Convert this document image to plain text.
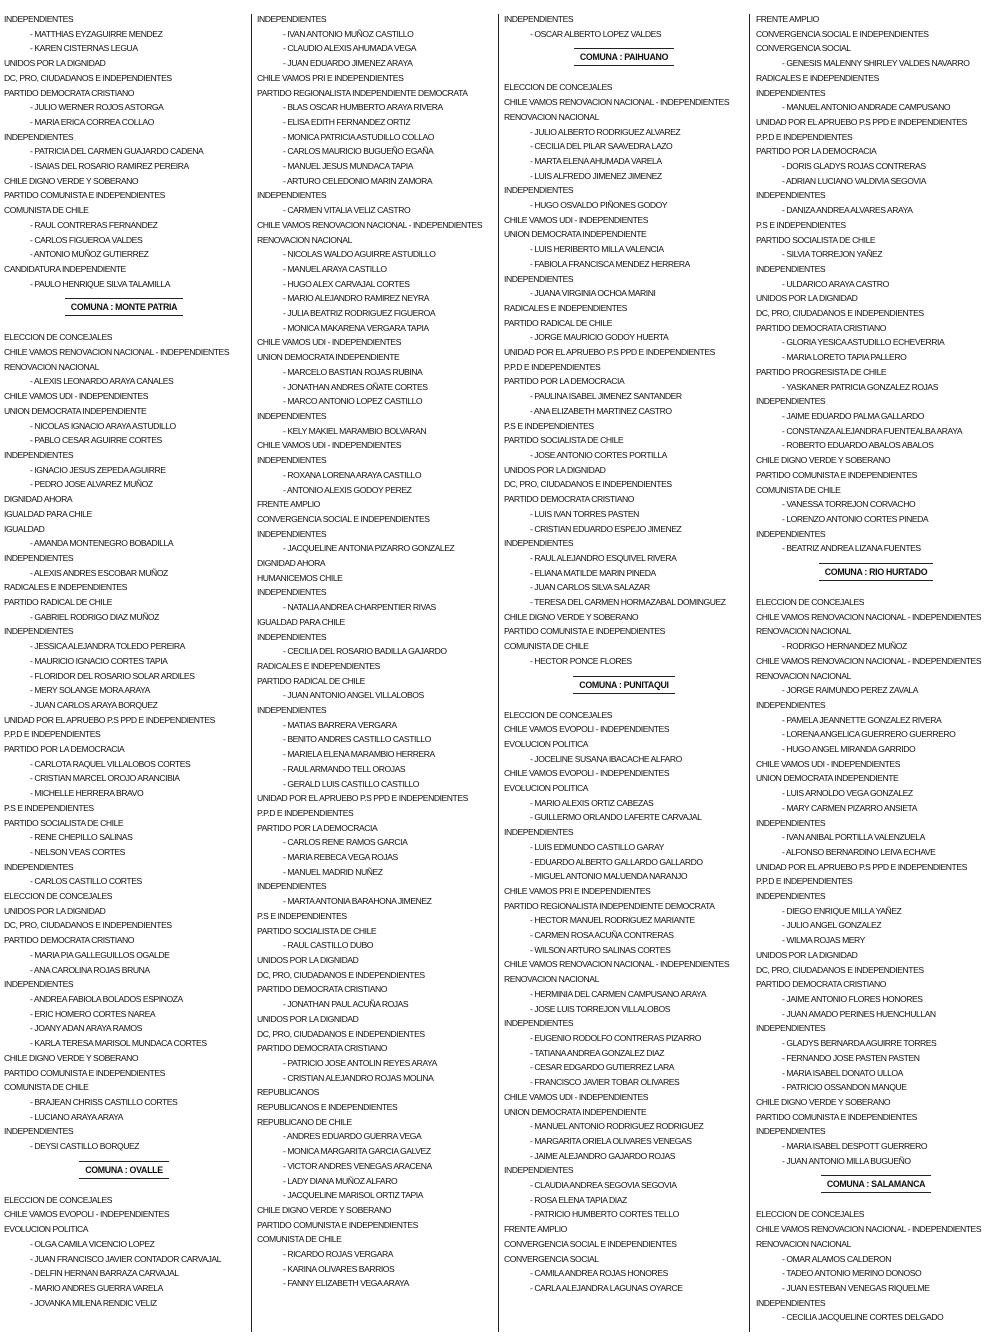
INDEPENDIENTES
- MATTHIAS EYZAGUIRRE MENDEZ
- KAREN CISTERNAS LEGUA
UNIDOS POR LA DIGNIDAD
DC, PRO, CIUDADANOS E INDEPENDIENTES
PARTIDO DEMOCRATA CRISTIANO
- JULIO WERNER ROJOS ASTORGA
- MARIA ERICA CORREA COLLAO
INDEPENDIENTES
- PATRICIA DEL CARMEN GUAJARDO CADENA
- ISAIAS DEL ROSARIO RAMIREZ PEREIRA
CHILE DIGNO VERDE Y SOBERANO
PARTIDO COMUNISTA E INDEPENDIENTES
COMUNISTA DE CHILE
- RAUL CONTRERAS FERNANDEZ
- CARLOS FIGUEROA VALDES
- ANTONIO MUÑOZ GUTIERREZ
CANDIDATURA INDEPENDIENTE
- PAULO HENRIQUE SILVA TALAMILLA
COMUNA : MONTE PATRIA
ELECCION DE CONCEJALES
CHILE VAMOS RENOVACION NACIONAL - INDEPENDIENTES
RENOVACION NACIONAL
- ALEXIS LEONARDO ARAYA CANALES
CHILE VAMOS UDI - INDEPENDIENTES
UNION DEMOCRATA INDEPENDIENTE
- NICOLAS IGNACIO ARAYA ASTUDILLO
- PABLO CESAR AGUIRRE CORTES
INDEPENDIENTES
- IGNACIO JESUS ZEPEDA AGUIRRE
- PEDRO JOSE ALVAREZ MUÑOZ
DIGNIDAD AHORA
IGUALDAD PARA CHILE
IGUALDAD
- AMANDA MONTENEGRO BOBADILLA
INDEPENDIENTES
- ALEXIS ANDRES ESCOBAR MUÑOZ
RADICALES E INDEPENDIENTES
PARTIDO RADICAL DE CHILE
- GABRIEL RODRIGO DIAZ MUÑOZ
INDEPENDIENTES
- JESSICA ALEJANDRA TOLEDO PEREIRA
- MAURICIO IGNACIO CORTES TAPIA
- FLORIDOR DEL ROSARIO SOLAR ARDILES
- MERY SOLANGE MORA ARAYA
- JUAN CARLOS ARAYA BORQUEZ
UNIDAD POR EL APRUEBO P.S PPD E INDEPENDIENTES
P.P.D E INDEPENDIENTES
PARTIDO POR LA DEMOCRACIA
- CARLOTA RAQUEL VILLALOBOS CORTES
- CRISTIAN MARCEL OROJO ARANCIBIA
- MICHELLE HERRERA BRAVO
P.S E INDEPENDIENTES
PARTIDO SOCIALISTA DE CHILE
- RENE CHEPILLO SALINAS
- NELSON VEAS CORTES
INDEPENDIENTES
- CARLOS CASTILLO CORTES
ELECCION DE CONCEJALES
UNIDOS POR LA DIGNIDAD
DC, PRO, CIUDADANOS E INDEPENDIENTES
PARTIDO DEMOCRATA CRISTIANO
- MARIA PIA GALLEGUILLOS OGALDE
- ANA CAROLINA ROJAS BRUNA
INDEPENDIENTES
- ANDREA FABIOLA BOLADOS ESPINOZA
- ERIC HOMERO CORTES NAREA
- JOANY ADAN ARAYA RAMOS
- KARLA TERESA MARISOL MUNDACA CORTES
CHILE DIGNO VERDE Y SOBERANO
PARTIDO COMUNISTA E INDEPENDIENTES
COMUNISTA DE CHILE
- BRAJEAN CHRISS CASTILLO CORTES
- LUCIANO ARAYA ARAYA
INDEPENDIENTES
- DEYSI CASTILLO BORQUEZ
COMUNA : OVALLE
ELECCION DE CONCEJALES
CHILE VAMOS EVOPOLI - INDEPENDIENTES
EVOLUCION POLITICA
- OLGA CAMILA VICENCIO LOPEZ
- JUAN FRANCISCO JAVIER CONTADOR CARVAJAL
- DELFIN HERNAN BARRAZA CARVAJAL
- MARIO ANDRES GUERRA VARELA
- JOVANKA MILENA RENDIC VELIZ
INDEPENDIENTES
- IVAN ANTONIO MUÑOZ CASTILLO
- CLAUDIO ALEXIS AHUMADA VEGA
- JUAN EDUARDO JIMENEZ ARAYA
CHILE VAMOS PRI E INDEPENDIENTES
PARTIDO REGIONALISTA INDEPENDIENTE DEMOCRATA
- BLAS OSCAR HUMBERTO ARAYA RIVERA
- ELISA EDITH FERNANDEZ ORTIZ
- MONICA PATRICIA ASTUDILLO COLLAO
- CARLOS MAURICIO BUGUEÑO EGAÑA
- MANUEL JESUS MUNDACA TAPIA
- ARTURO CELEDONIO MARIN ZAMORA
INDEPENDIENTES
- CARMEN VITALIA VELIZ CASTRO
CHILE VAMOS RENOVACION NACIONAL - INDEPENDIENTES
RENOVACION NACIONAL
- NICOLAS WALDO AGUIRRE ASTUDILLO
- MANUEL ARAYA CASTILLO
- HUGO ALEX CARVAJAL CORTES
- MARIO ALEJANDRO RAMIREZ NEYRA
- JULIA BEATRIZ RODRIGUEZ FIGUEROA
- MONICA MAKARENA VERGARA TAPIA
CHILE VAMOS UDI - INDEPENDIENTES
UNION DEMOCRATA INDEPENDIENTE
- MARCELO BASTIAN ROJAS RUBINA
- JONATHAN ANDRES OÑATE CORTES
- MARCO ANTONIO LOPEZ CASTILLO
INDEPENDIENTES
- KELY MAKIEL MARAMBIO BOLVARAN
CHILE VAMOS UDI - INDEPENDIENTES
INDEPENDIENTES
- ROXANA LORENA ARAYA CASTILLO
- ANTONIO ALEXIS GODOY PEREZ
FRENTE AMPLIO
CONVERGENCIA SOCIAL E INDEPENDIENTES
INDEPENDIENTES
- JACQUELINE ANTONIA PIZARRO GONZALEZ
DIGNIDAD AHORA
HUMANICEMOS CHILE
INDEPENDIENTES
- NATALIA ANDREA CHARPENTIER RIVAS
IGUALDAD PARA CHILE
INDEPENDIENTES
- CECILIA DEL ROSARIO BADILLA GAJARDO
RADICALES E INDEPENDIENTES
PARTIDO RADICAL DE CHILE
- JUAN ANTONIO ANGEL VILLALOBOS
INDEPENDIENTES
- MATIAS BARRERA VERGARA
- BENITO ANDRES CASTILLO CASTILLO
- MARIELA ELENA MARAMBIO HERRERA
- RAUL ARMANDO TELL OROJAS
- GERALD LUIS CASTILLO CASTILLO
UNIDAD POR EL APRUEBO P.S PPD E INDEPENDIENTES
P.P.D E INDEPENDIENTES
PARTIDO POR LA DEMOCRACIA
- CARLOS RENE RAMOS GARCIA
- MARIA REBECA VEGA ROJAS
- MANUEL MADRID NUÑEZ
INDEPENDIENTES
- MARTA ANTONIA BARAHONA JIMENEZ
P.S E INDEPENDIENTES
PARTIDO SOCIALISTA DE CHILE
- RAUL CASTILLO DUBO
UNIDOS POR LA DIGNIDAD
DC, PRO, CIUDADANOS E INDEPENDIENTES
PARTIDO DEMOCRATA CRISTIANO
- JONATHAN PAUL ACUÑA ROJAS
UNIDOS POR LA DIGNIDAD
DC, PRO, CIUDADANOS E INDEPENDIENTES
PARTIDO DEMOCRATA CRISTIANO
- PATRICIO JOSE ANTOLIN REYES ARAYA
- CRISTIAN ALEJANDRO ROJAS MOLINA
REPUBLICANOS
REPUBLICANOS E INDEPENDIENTES
REPUBLICANO DE CHILE
- ANDRES EDUARDO GUERRA VEGA
- MONICA MARGARITA GARCIA GALVEZ
- VICTOR ANDRES VENEGAS ARACENA
- LADY DIANA MUÑOZ ALFARO
- JACQUELINE MARISOL ORTIZ TAPIA
CHILE DIGNO VERDE Y SOBERANO
PARTIDO COMUNISTA E INDEPENDIENTES
COMUNISTA DE CHILE
- RICARDO ROJAS VERGARA
- KARINA OLIVARES BARRIOS
- FANNY ELIZABETH VEGA ARAYA
INDEPENDIENTES
- OSCAR ALBERTO LOPEZ VALDES
COMUNA : PAIHUANO
ELECCION DE CONCEJALES
CHILE VAMOS RENOVACION NACIONAL - INDEPENDIENTES
RENOVACION NACIONAL
- JULIO ALBERTO RODRIGUEZ ALVAREZ
- CECILIA DEL PILAR SAAVEDRA LAZO
- MARTA ELENA AHUMADA VARELA
- LUIS ALFREDO JIMENEZ JIMENEZ
INDEPENDIENTES
- HUGO OSVALDO PIÑONES GODOY
CHILE VAMOS UDI - INDEPENDIENTES
UNION DEMOCRATA INDEPENDIENTE
- LUIS HERIBERTO MILLA VALENCIA
- FABIOLA FRANCISCA MENDEZ HERRERA
INDEPENDIENTES
- JUANA VIRGINIA OCHOA MARINI
RADICALES E INDEPENDIENTES
PARTIDO RADICAL DE CHILE
- JORGE MAURICIO GODOY HUERTA
UNIDAD POR EL APRUEBO P.S PPD E INDEPENDIENTES
P.P.D E INDEPENDIENTES
PARTIDO POR LA DEMOCRACIA
- PAULINA ISABEL JIMENEZ SANTANDER
- ANA ELIZABETH MARTINEZ CASTRO
P.S E INDEPENDIENTES
PARTIDO SOCIALISTA DE CHILE
- JOSE ANTONIO CORTES PORTILLA
UNIDOS POR LA DIGNIDAD
DC, PRO, CIUDADANOS E INDEPENDIENTES
PARTIDO DEMOCRATA CRISTIANO
- LUIS IVAN TORRES PASTEN
- CRISTIAN EDUARDO ESPEJO JIMENEZ
INDEPENDIENTES
- RAUL ALEJANDRO ESQUIVEL RIVERA
- ELIANA MATILDE MARIN PINEDA
- JUAN CARLOS SILVA SALAZAR
- TERESA DEL CARMEN HORMAZABAL DOMINGUEZ
CHILE DIGNO VERDE Y SOBERANO
PARTIDO COMUNISTA E INDEPENDIENTES
COMUNISTA DE CHILE
- HECTOR PONCE FLORES
COMUNA : PUNITAQUI
ELECCION DE CONCEJALES
CHILE VAMOS EVOPOLI - INDEPENDIENTES
EVOLUCION POLITICA
- JOCELINE SUSANA IBACACHE ALFARO
CHILE VAMOS EVOPOLI - INDEPENDIENTES
EVOLUCION POLITICA
- MARIO ALEXIS ORTIZ CABEZAS
- GUILLERMO ORLANDO LAFERTE CARVAJAL
INDEPENDIENTES
- LUIS EDMUNDO CASTILLO GARAY
- EDUARDO ALBERTO GALLARDO GALLARDO
- MIGUEL ANTONIO MALUENDA NARANJO
CHILE VAMOS PRI E INDEPENDIENTES
PARTIDO REGIONALISTA INDEPENDIENTE DEMOCRATA
- HECTOR MANUEL RODRIGUEZ MARIANTE
- CARMEN ROSA ACUÑA CONTRERAS
- WILSON ARTURO SALINAS CORTES
CHILE VAMOS RENOVACION NACIONAL - INDEPENDIENTES
RENOVACION NACIONAL
- HERMINIA DEL CARMEN CAMPUSANO ARAYA
- JOSE LUIS TORREJON VILLALOBOS
INDEPENDIENTES
- EUGENIO RODOLFO CONTRERAS PIZARRO
- TATIANA ANDREA GONZALEZ DIAZ
- CESAR EDGARDO GUTIERREZ LARA
- FRANCISCO JAVIER TOBAR OLIVARES
CHILE VAMOS UDI - INDEPENDIENTES
UNION DEMOCRATA INDEPENDIENTE
- MANUEL ANTONIO RODRIGUEZ RODRIGUEZ
- MARGARITA ORIELA OLIVARES VENEGAS
- JAIME ALEJANDRO GAJARDO ROJAS
INDEPENDIENTES
- CLAUDIA ANDREA SEGOVIA SEGOVIA
- ROSA ELENA TAPIA DIAZ
- PATRICIO HUMBERTO CORTES TELLO
FRENTE AMPLIO
CONVERGENCIA SOCIAL E INDEPENDIENTES
CONVERGENCIA SOCIAL
- CAMILA ANDREA ROJAS HONORES
- CARLA ALEJANDRA LAGUNAS OYARCE
FRENTE AMPLIO
CONVERGENCIA SOCIAL E INDEPENDIENTES
CONVERGENCIA SOCIAL
- GENESIS MALENNY SHIRLEY VALDES NAVARRO
RADICALES E INDEPENDIENTES
INDEPENDIENTES
- MANUEL ANTONIO ANDRADE CAMPUSANO
UNIDAD POR EL APRUEBO P.S PPD E INDEPENDIENTES
P.P.D E INDEPENDIENTES
PARTIDO POR LA DEMOCRACIA
- DORIS GLADYS ROJAS CONTRERAS
- ADRIAN LUCIANO VALDIVIA SEGOVIA
INDEPENDIENTES
- DANIZA ANDREA ALVARES ARAYA
P.S E INDEPENDIENTES
PARTIDO SOCIALISTA DE CHILE
- SILVIA TORREJON YAÑEZ
INDEPENDIENTES
- ULDARICO ARAYA CASTRO
UNIDOS POR LA DIGNIDAD
DC, PRO, CIUDADANOS E INDEPENDIENTES
PARTIDO DEMOCRATA CRISTIANO
- GLORIA YESICA ASTUDILLO ECHEVERRIA
- MARIA LORETO TAPIA PALLERO
PARTIDO PROGRESISTA DE CHILE
- YASKANER PATRICIA GONZALEZ ROJAS
INDEPENDIENTES
- JAIME EDUARDO PALMA GALLARDO
- CONSTANZA ALEJANDRA FUENTEALBA ARAYA
- ROBERTO EDUARDO ABALOS ABALOS
CHILE DIGNO VERDE Y SOBERANO
PARTIDO COMUNISTA E INDEPENDIENTES
COMUNISTA DE CHILE
- VANESSA TORREJON CORVACHO
- LORENZO ANTONIO CORTES PINEDA
INDEPENDIENTES
- BEATRIZ ANDREA LIZANA FUENTES
COMUNA : RIO HURTADO
ELECCION DE CONCEJALES
CHILE VAMOS RENOVACION NACIONAL - INDEPENDIENTES
RENOVACION NACIONAL
- RODRIGO HERNANDEZ MUÑOZ
CHILE VAMOS RENOVACION NACIONAL - INDEPENDIENTES
RENOVACION NACIONAL
- JORGE RAIMUNDO PEREZ ZAVALA
INDEPENDIENTES
- PAMELA JEANNETTE GONZALEZ RIVERA
- LORENA ANGELICA GUERRERO GUERRERO
- HUGO ANGEL MIRANDA GARRIDO
CHILE VAMOS UDI - INDEPENDIENTES
UNION DEMOCRATA INDEPENDIENTE
- LUIS ARNOLDO VEGA GONZALEZ
- MARY CARMEN PIZARRO ANSIETA
INDEPENDIENTES
- IVAN ANIBAL PORTILLA VALENZUELA
- ALFONSO BERNARDINO LEIVA ECHAVE
UNIDAD POR EL APRUEBO P.S PPD E INDEPENDIENTES
P.P.D E INDEPENDIENTES
INDEPENDIENTES
- DIEGO ENRIQUE MILLA YAÑEZ
- JULIO ANGEL GONZALEZ
- WILMA ROJAS MERY
UNIDOS POR LA DIGNIDAD
DC, PRO, CIUDADANOS E INDEPENDIENTES
PARTIDO DEMOCRATA CRISTIANO
- JAIME ANTONIO FLORES HONORES
- JUAN AMADO PERINES HUENCHULLAN
INDEPENDIENTES
- GLADYS BERNARDA AGUIRRE TORRES
- FERNANDO JOSE PASTEN PASTEN
- MARIA ISABEL DONATO ULLOA
- PATRICIO OSSANDON MANQUE
CHILE DIGNO VERDE Y SOBERANO
PARTIDO COMUNISTA E INDEPENDIENTES
INDEPENDIENTES
- MARIA ISABEL DESPOTT GUERRERO
- JUAN ANTONIO MILLA BUGUEÑO
COMUNA : SALAMANCA
ELECCION DE CONCEJALES
CHILE VAMOS RENOVACION NACIONAL - INDEPENDIENTES
RENOVACION NACIONAL
- OMAR ALAMOS CALDERON
- TADEO ANTONIO MERINO DONOSO
- JUAN ESTEBAN VENEGAS RIQUELME
INDEPENDIENTES
- CECILIA JACQUELINE CORTES DELGADO
